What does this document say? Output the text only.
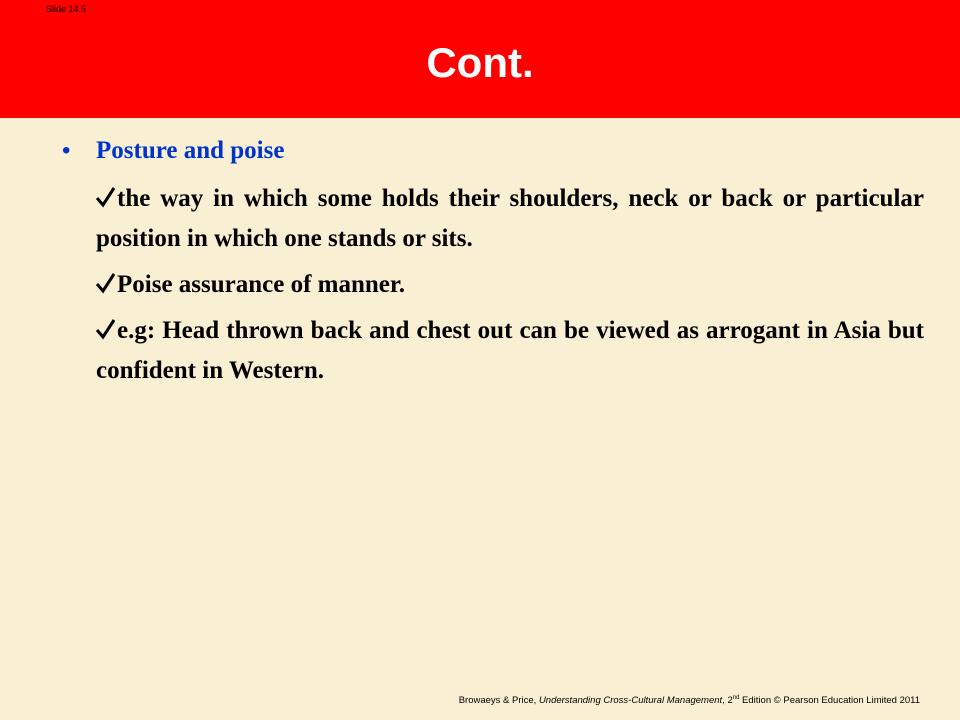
Slide 14.5
Cont.
•	Posture and poise
the way in which some holds their shoulders, neck or back or particular position in which one stands or sits.
Poise assurance of manner.
e.g: Head thrown back and chest out can be viewed as arrogant in Asia but confident in Western.
Browaeys & Price, Understanding Cross-Cultural Management, 2nd Edition © Pearson Education Limited 2011
